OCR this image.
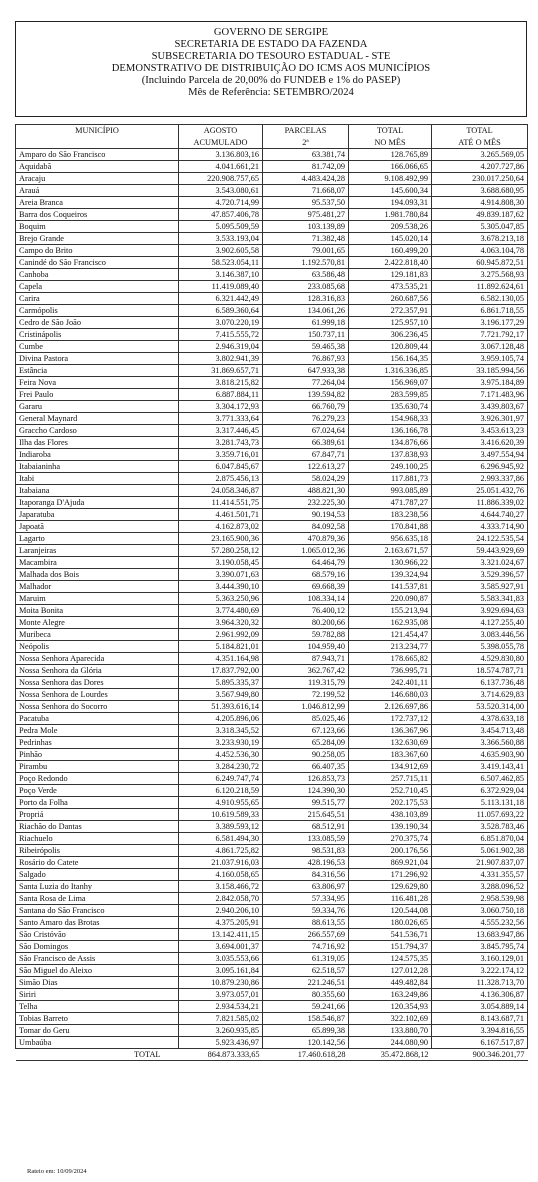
GOVERNO DE SERGIPE
SECRETARIA DE ESTADO DA FAZENDA
SUBSECRETARIA DO TESOURO ESTADUAL - STE
DEMONSTRATIVO DE DISTRIBUIÇÃO DO ICMS AOS MUNICÍPIOS
(Incluindo Parcela de 20,00% do FUNDEB e 1% do PASEP)
Mês de Referência: SETEMBRO/2024
MUNICÍPIO	AGOSTO	PARCELAS	TOTAL	TOTAL
	ACUMULADO	2ª	NO MÊS	ATÉ O MÊS
Amparo do São Francisco	3.136.803,16	63.381,74	128.765,89	3.265.569,05
Aquidabã	4.041.661,21	81.742,09	166.066,65	4.207.727,86
Aracaju	220.908.757,65	4.483.424,28	9.108.492,99	230.017.250,64
Arauá	3.543.080,61	71.668,07	145.600,34	3.688.680,95
Areia Branca	4.720.714,99	95.537,50	194.093,31	4.914.808,30
Barra dos Coqueiros	47.857.406,78	975.481,27	1.981.780,84	49.839.187,62
Boquim	5.095.509,59	103.139,89	209.538,26	5.305.047,85
Brejo Grande	3.533.193,04	71.382,48	145.020,14	3.678.213,18
Campo do Brito	3.902.605,58	79.001,65	160.499,20	4.063.104,78
Canindé do São Francisco	58.523.054,11	1.192.570,81	2.422.818,40	60.945.872,51
Canhoba	3.146.387,10	63.586,48	129.181,83	3.275.568,93
Capela	11.419.089,40	233.085,68	473.535,21	11.892.624,61
Carira	6.321.442,49	128.316,83	260.687,56	6.582.130,05
Carmópolis	6.589.360,64	134.061,26	272.357,91	6.861.718,55
Cedro de São João	3.070.220,19	61.999,18	125.957,10	3.196.177,29
Cristinápolis	7.415.555,72	150.737,11	306.236,45	7.721.792,17
Cumbe	2.946.319,04	59.465,38	120.809,44	3.067.128,48
Divina Pastora	3.802.941,39	76.867,93	156.164,35	3.959.105,74
Estância	31.869.657,71	647.933,38	1.316.336,85	33.185.994,56
Feira Nova	3.818.215,82	77.264,04	156.969,07	3.975.184,89
Frei Paulo	6.887.884,11	139.594,82	283.599,85	7.171.483,96
Gararu	3.304.172,93	66.760,79	135.630,74	3.439.803,67
General Maynard	3.771.333,64	76.279,23	154.968,33	3.926.301,97
Graccho Cardoso	3.317.446,45	67.024,64	136.166,78	3.453.613,23
Ilha das Flores	3.281.743,73	66.389,61	134.876,66	3.416.620,39
Indiaroba	3.359.716,01	67.847,71	137.838,93	3.497.554,94
Itabaianinha	6.047.845,67	122.613,27	249.100,25	6.296.945,92
Itabi	2.875.456,13	58.024,29	117.881,73	2.993.337,86
Itabaiana	24.058.346,87	488.821,30	993.085,89	25.051.432,76
Itaporanga D'Ajuda	11.414.551,75	232.225,30	471.787,27	11.886.339,02
Japaratuba	4.461.501,71	90.194,53	183.238,56	4.644.740,27
Japoatã	4.162.873,02	84.092,58	170.841,88	4.333.714,90
Lagarto	23.165.900,36	470.879,36	956.635,18	24.122.535,54
Laranjeiras	57.280.258,12	1.065.012,36	2.163.671,57	59.443.929,69
Macambira	3.190.058,45	64.464,79	130.966,22	3.321.024,67
Malhada dos Bois	3.390.071,63	68.579,16	139.324,94	3.529.396,57
Malhador	3.444.390,10	69.668,39	141.537,81	3.585.927,91
Maruim	5.363.250,96	108.334,14	220.090,87	5.583.341,83
Moita Bonita	3.774.480,69	76.400,12	155.213,94	3.929.694,63
Monte Alegre	3.964.320,32	80.200,66	162.935,08	4.127.255,40
Muribeca	2.961.992,09	59.782,88	121.454,47	3.083.446,56
Neópolis	5.184.821,01	104.959,40	213.234,77	5.398.055,78
Nossa Senhora Aparecida	4.351.164,98	87.943,71	178.665,82	4.529.830,80
Nossa Senhora da Glória	17.837.792,00	362.767,42	736.995,71	18.574.787,71
Nossa Senhora das Dores	5.895.335,37	119.315,79	242.401,11	6.137.736,48
Nossa Senhora de Lourdes	3.567.949,80	72.199,52	146.680,03	3.714.629,83
Nossa Senhora do Socorro	51.393.616,14	1.046.812,99	2.126.697,86	53.520.314,00
Pacatuba	4.205.896,06	85.025,46	172.737,12	4.378.633,18
Pedra Mole	3.318.345,52	67.123,66	136.367,96	3.454.713,48
Pedrinhas	3.233.930,19	65.284,09	132.630,69	3.366.560,88
Pinhão	4.452.536,30	90.258,05	183.367,60	4.635.903,90
Pirambu	3.284.230,72	66.407,35	134.912,69	3.419.143,41
Poço Redondo	6.249.747,74	126.853,73	257.715,11	6.507.462,85
Poço Verde	6.120.218,59	124.390,30	252.710,45	6.372.929,04
Porto da Folha	4.910.955,65	99.515,77	202.175,53	5.113.131,18
Propriá	10.619.589,33	215.645,51	438.103,89	11.057.693,22
Riachão do Dantas	3.389.593,12	68.512,91	139.190,34	3.528.783,46
Riachuelo	6.581.494,30	133.085,59	270.375,74	6.851.870,04
Ribeirópolis	4.861.725,82	98.531,83	200.176,56	5.061.902,38
Rosário do Catete	21.037.916,03	428.196,53	869.921,04	21.907.837,07
Salgado	4.160.058,65	84.316,56	171.296,92	4.331.355,57
Santa Luzia do Itanhy	3.158.466,72	63.806,97	129.629,80	3.288.096,52
Santa Rosa de Lima	2.842.058,70	57.334,95	116.481,28	2.958.539,98
Santana do São Francisco	2.940.206,10	59.334,76	120.544,08	3.060.750,18
Santo Amaro das Brotas	4.375.205,91	88.613,55	180.026,65	4.555.232,56
São Cristóvão	13.142.411,15	266.557,69	541.536,71	13.683.947,86
São Domingos	3.694.001,37	74.716,92	151.794,37	3.845.795,74
São Francisco de Assis	3.035.553,66	61.319,05	124.575,35	3.160.129,01
São Miguel do Aleixo	3.095.161,84	62.518,57	127.012,28	3.222.174,12
Simão Dias	10.879.230,86	221.246,51	449.482,84	11.328.713,70
Siriri	3.973.057,01	80.355,60	163.249,86	4.136.306,87
Telha	2.934.534,21	59.241,66	120.354,93	3.054.889,14
Tobias Barreto	7.821.585,02	158.546,87	322.102,69	8.143.687,71
Tomar do Geru	3.260.935,85	65.899,38	133.880,70	3.394.816,55
Umbaúba	5.923.436,97	120.142,56	244.080,90	6.167.517,87
TOTAL	864.873.333,65	17.460.618,28	35.472.868,12	900.346.201,77
Rateio em: 10/09/2024
